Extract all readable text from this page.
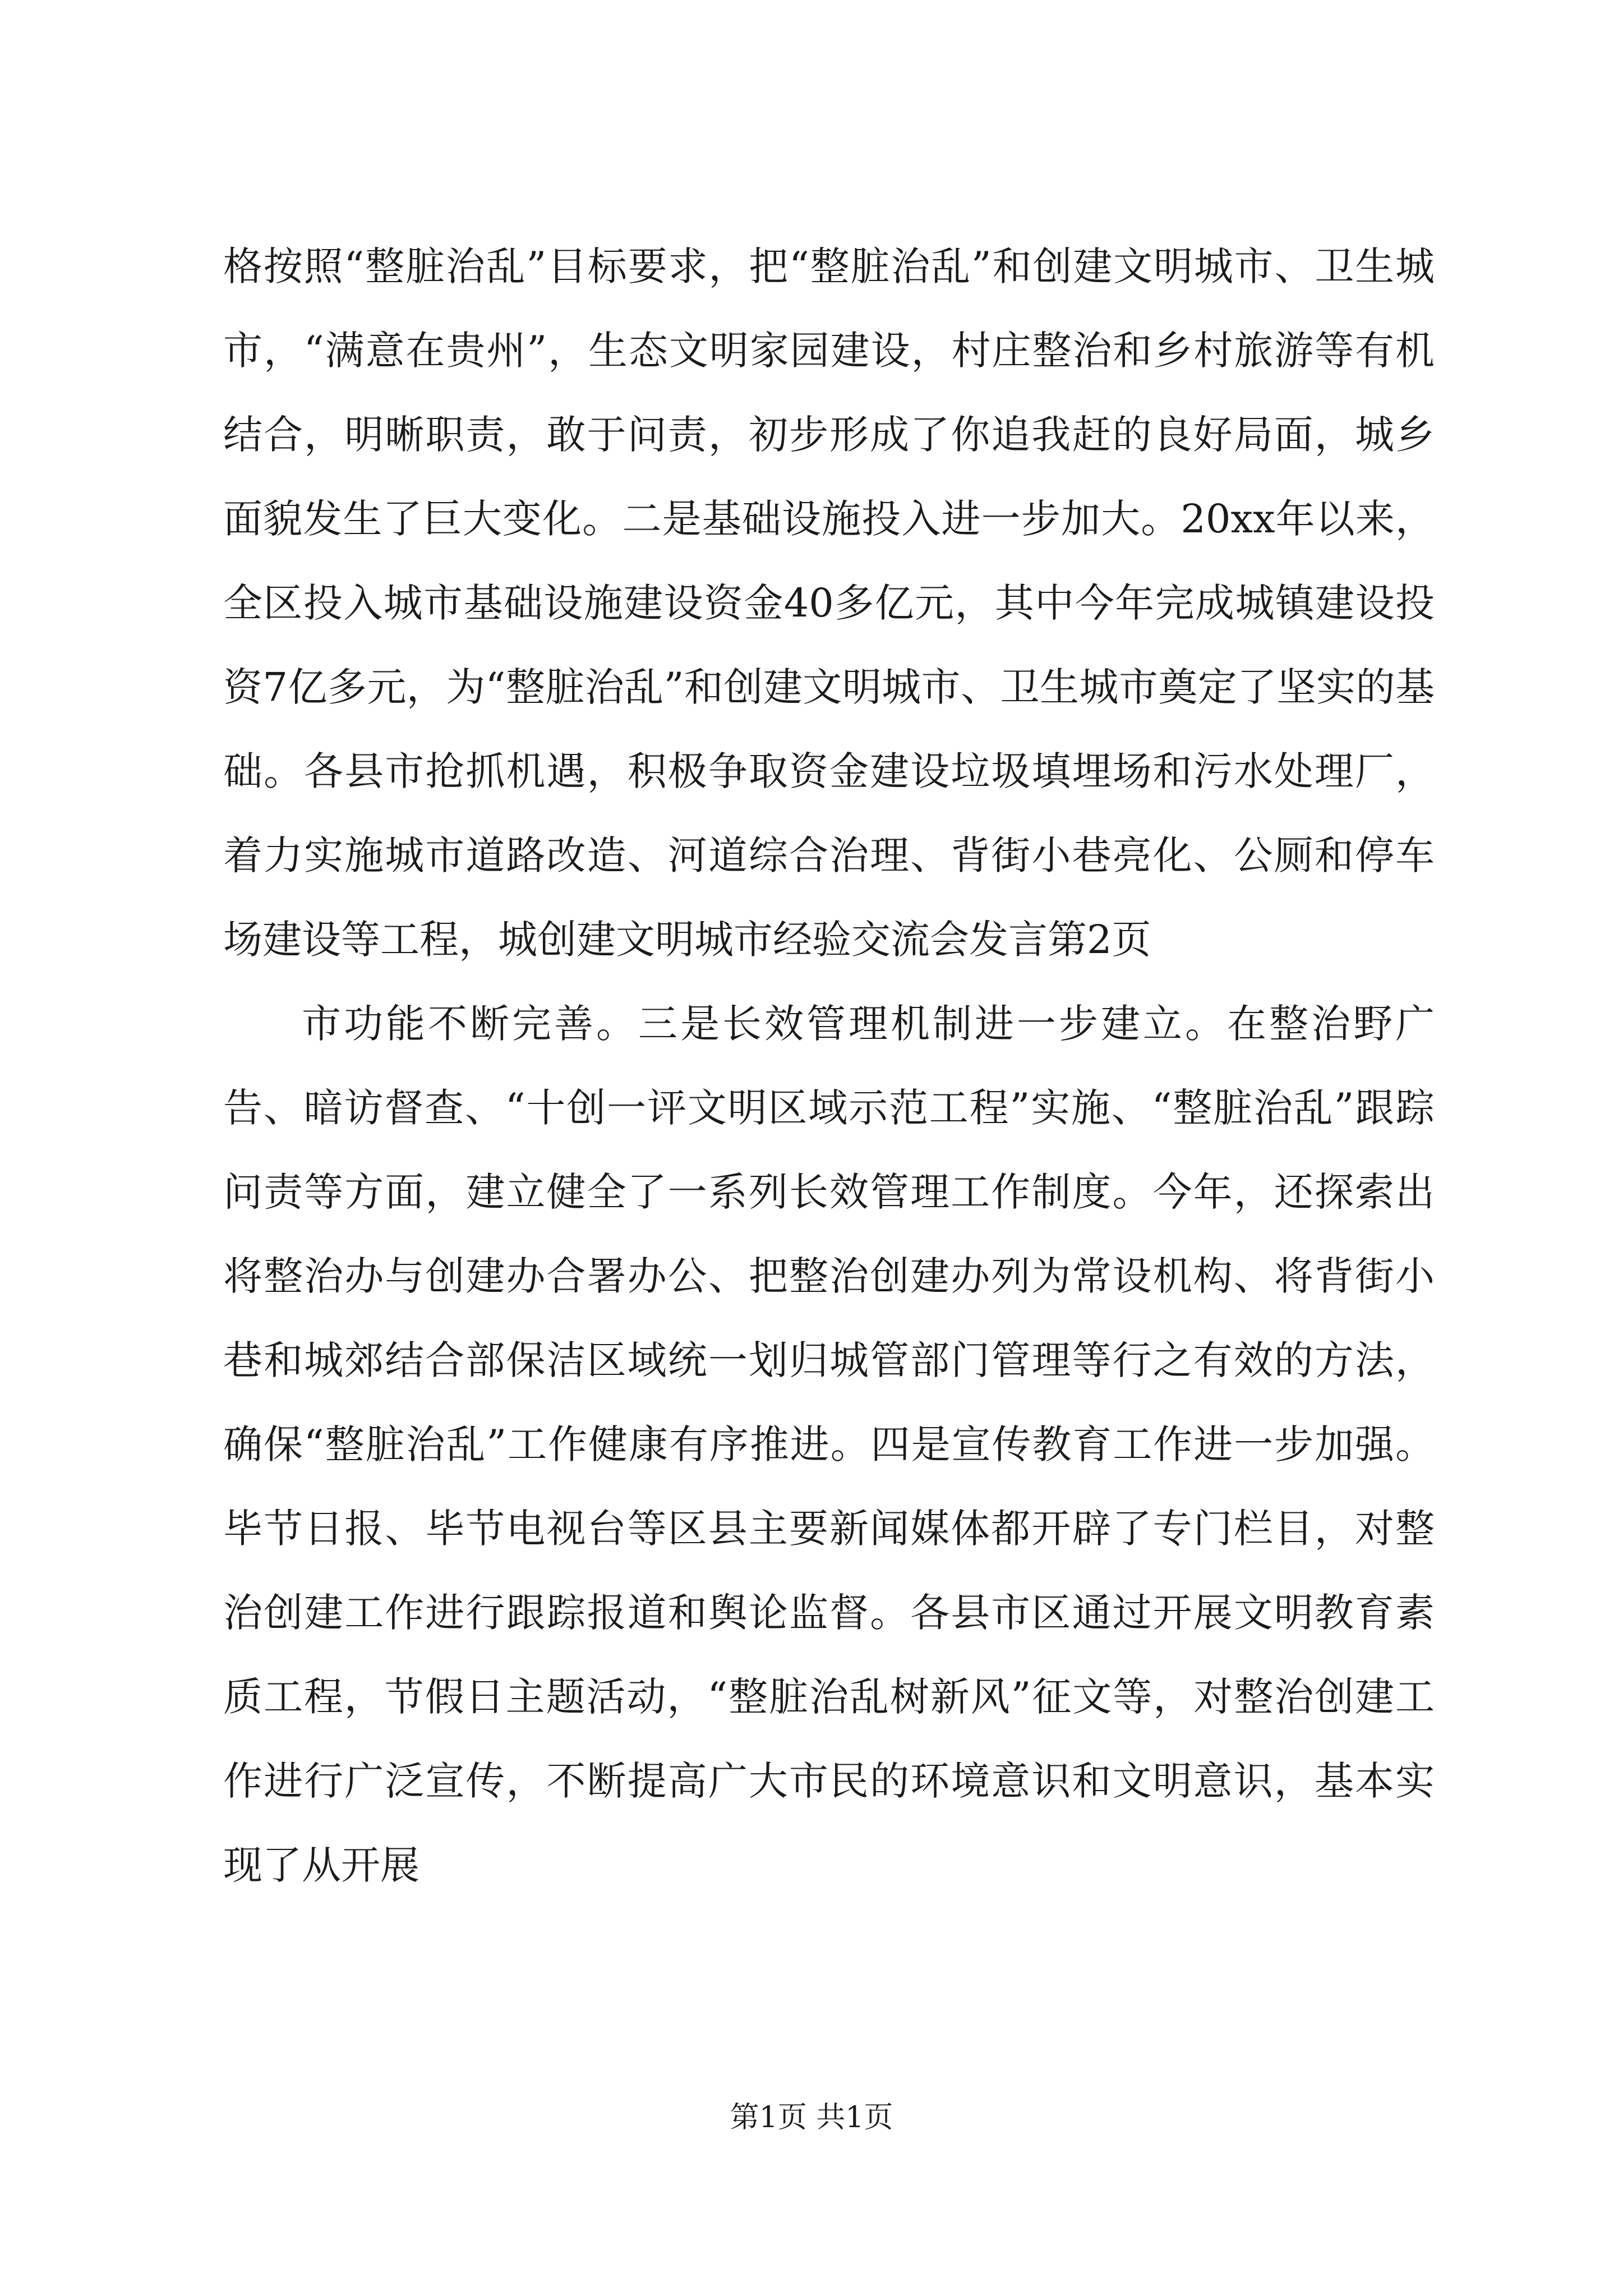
格按照“整脏治乱”目标要求，把“整脏治乱”和创建文明城市、卫生城市，“满意在贵州”，生态文明家园建设，村庄整治和乡村旅游等有机结合，明晰职责，敢于问责，初步形成了你追我赶的良好局面，城乡面貌发生了巨大变化。二是基础设施投入进一步加大。20xx年以来，全区投入城市基础设施建设资金40多亿元，其中今年完成城镇建设投资7亿多元，为“整脏治乱”和创建文明城市、卫生城市奠定了坚实的基础。各县市抢抓机遇，积极争取资金建设垃圾填埋场和污水处理厂，着力实施城市道路改造、河道综合治理、背街小巷亮化、公厕和停车场建设等工程，城创建文明城市经验交流会发言第2页

市功能不断完善。三是长效管理机制进一步建立。在整治野广告、暗访督查、“十创一评文明区域示范工程”实施、“整脏治乱”跟踪问责等方面，建立健全了一系列长效管理工作制度。今年，还探索出将整治办与创建办合署办公、把整治创建办列为常设机构、将背街小巷和城郊结合部保洁区域统一划归城管部门管理等行之有效的方法，确保“整脏治乱”工作健康有序推进。四是宣传教育工作进一步加强。毕节日报、毕节电视台等区县主要新闻媒体都开辟了专门栏目，对整治创建工作进行跟踪报道和舆论监督。各县市区通过开展文明教育素质工程，节假日主题活动，“整脏治乱树新风”征文等，对整治创建工作进行广泛宣传，不断提高广大市民的环境意识和文明意识，基本实现了从开展

第1页 共1页
